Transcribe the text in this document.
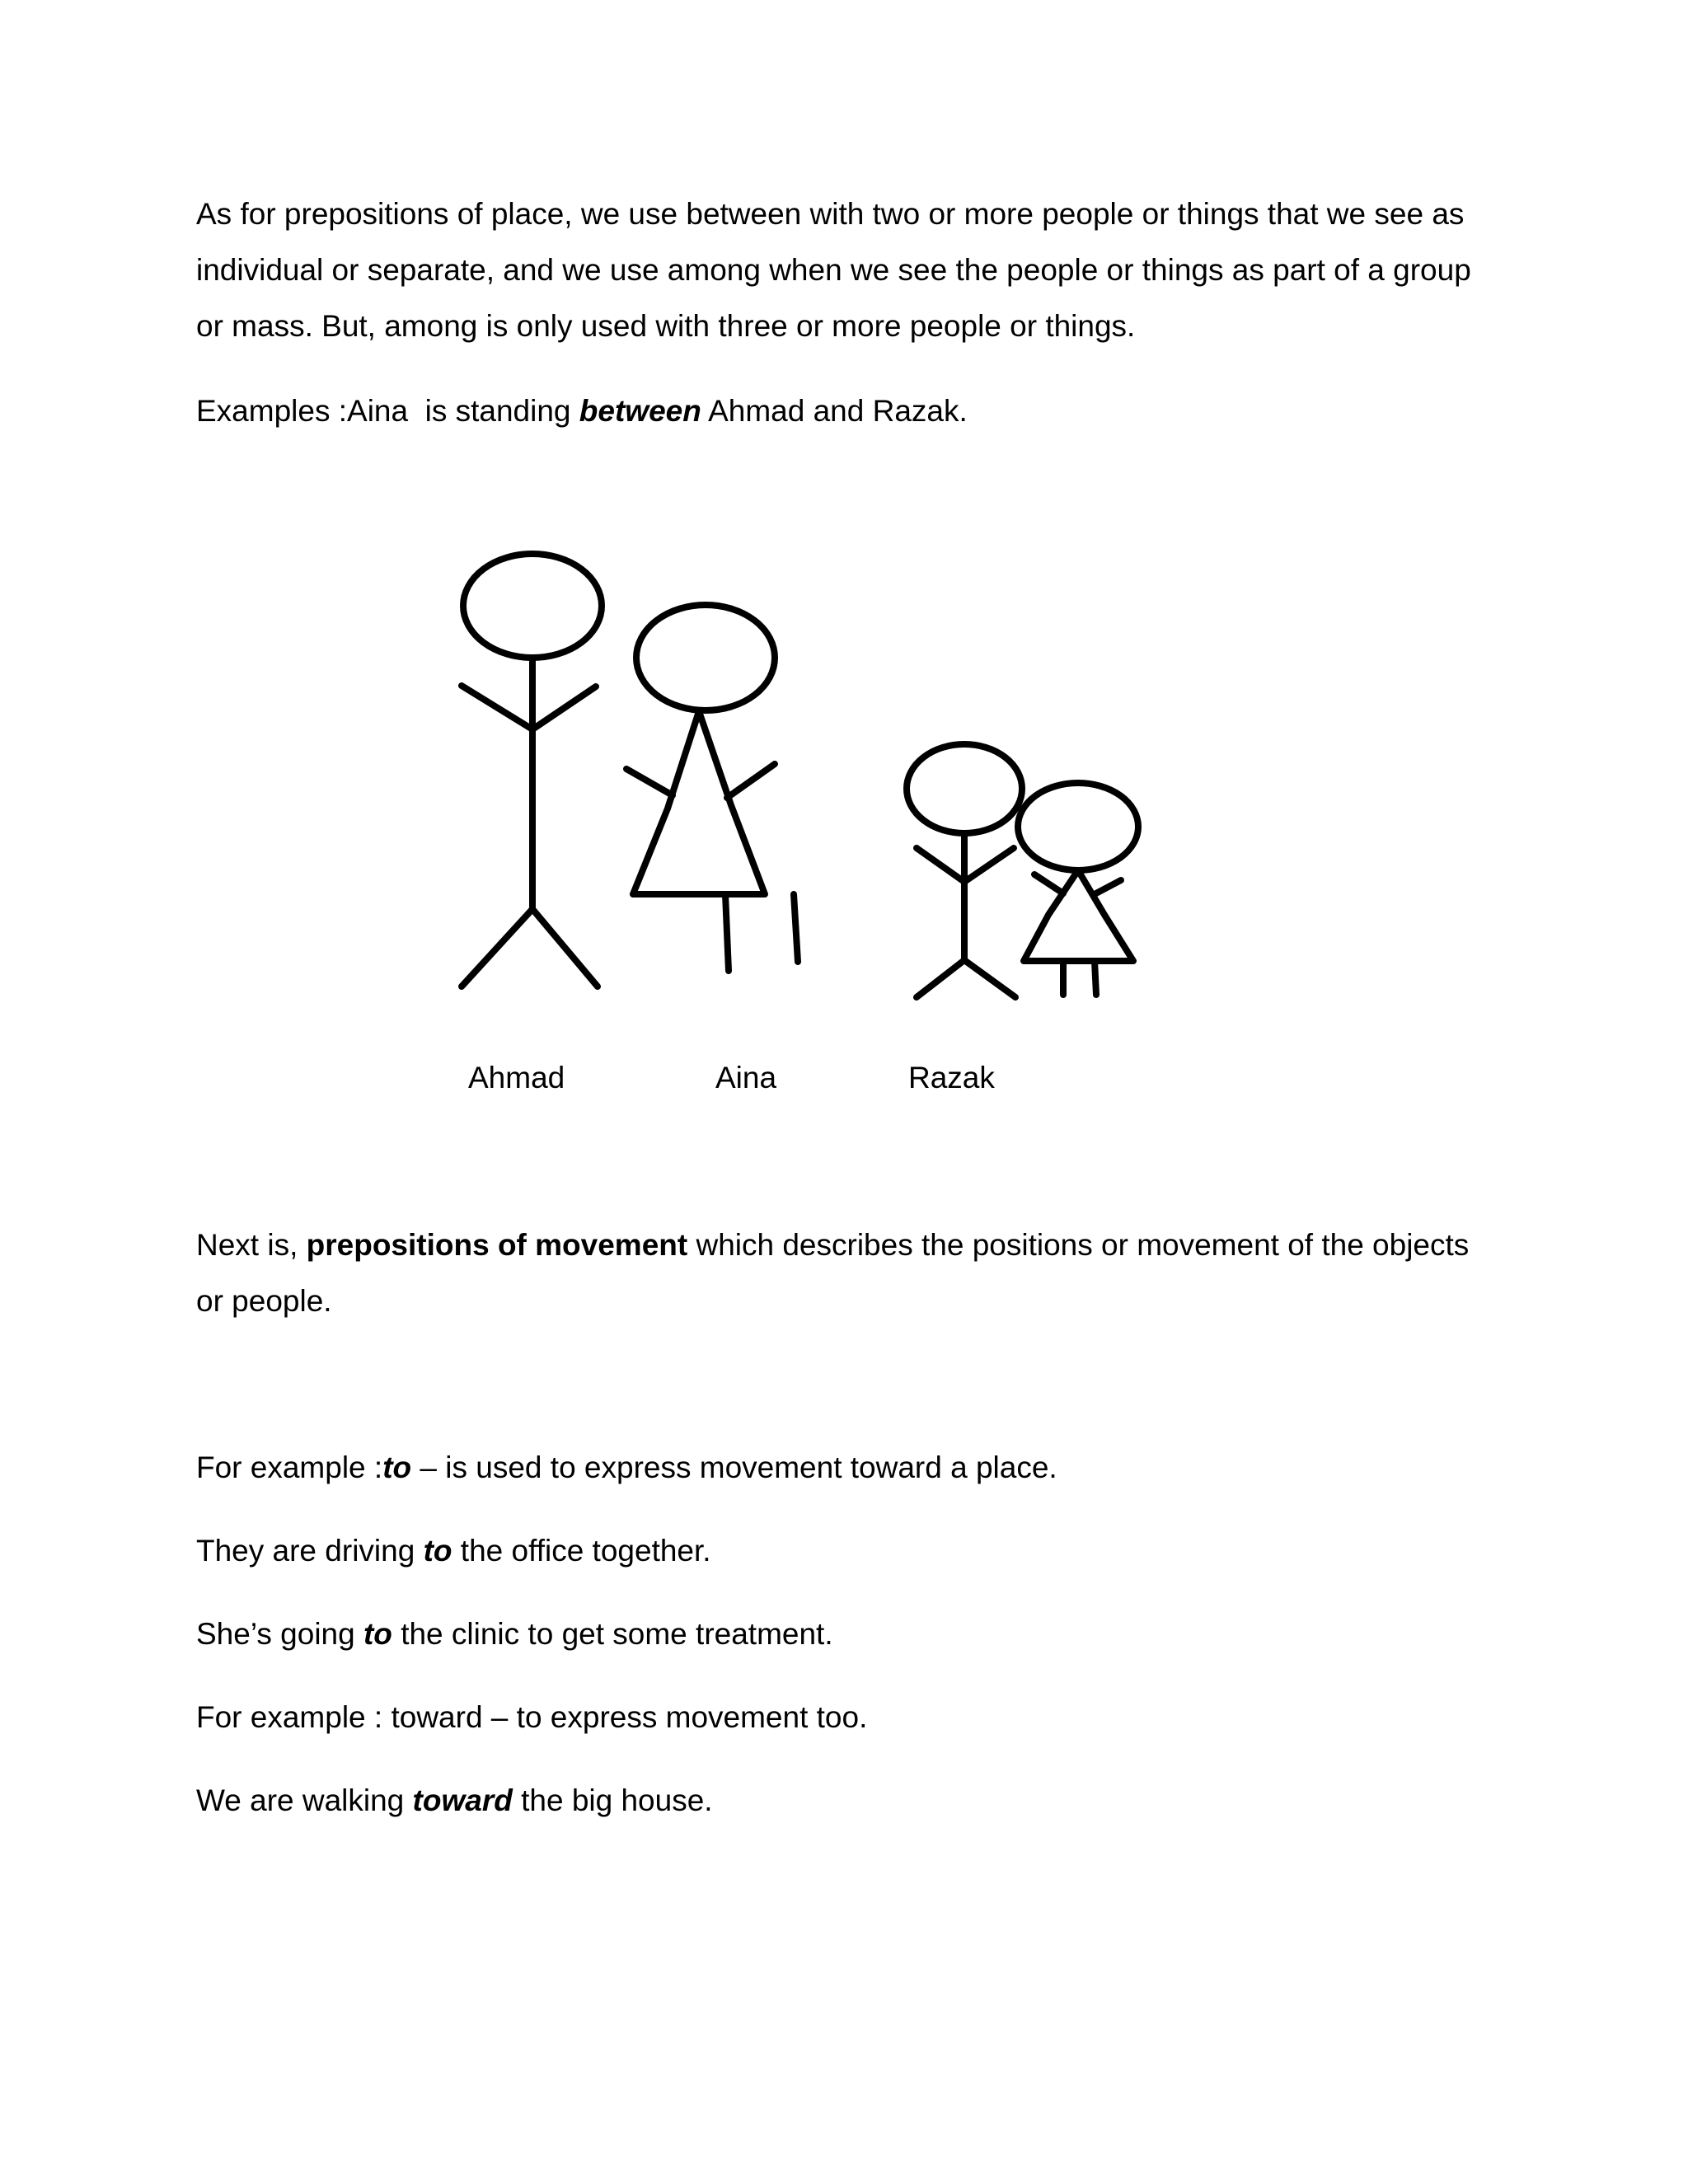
As for prepositions of place, we use between with two or more people or things that we see as individual or separate, and we use among when we see the people or things as part of a group or mass. But, among is only used with three or more people or things.

Examples :Aina  is standing between Ahmad and Razak.

Ahmad	Aina	Razak

Next is, prepositions of movement which describes the positions or movement of the objects or people.

For example :to – is used to express movement toward a place.

They are driving to the office together.

She’s going to the clinic to get some treatment.

For example : toward – to express movement too.

We are walking toward the big house.
